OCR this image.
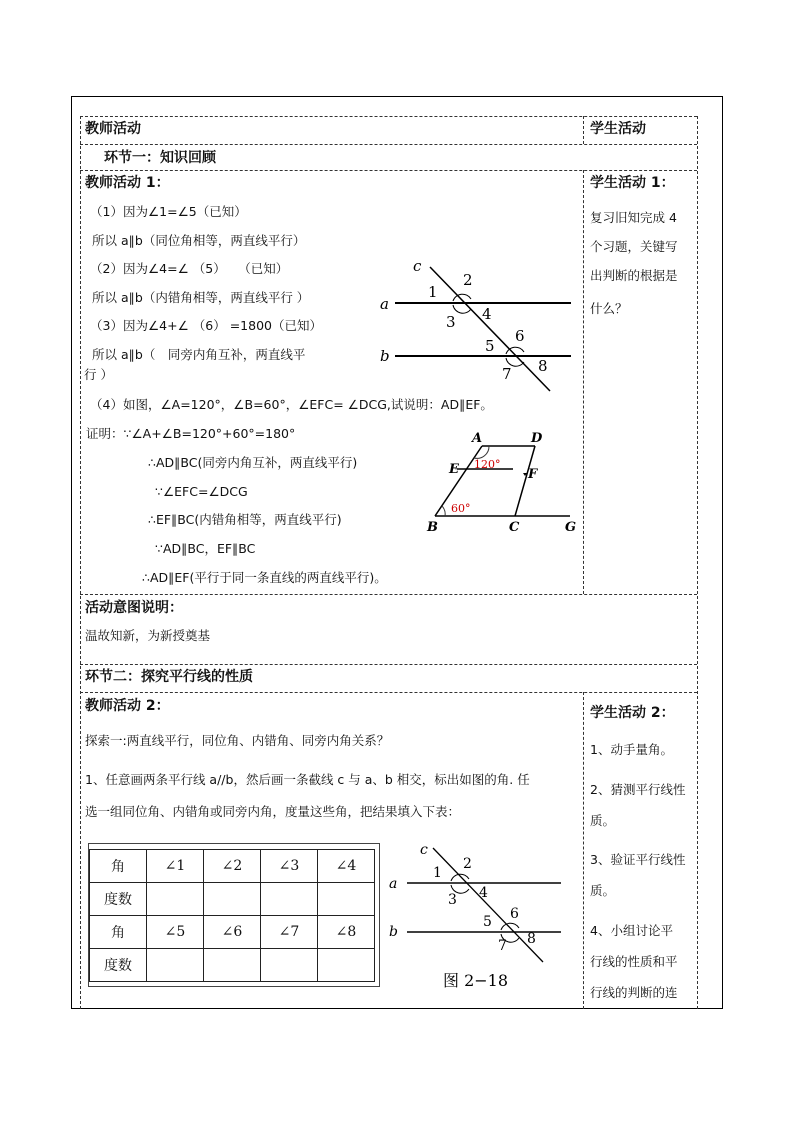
教师活动	学生活动
环节一：知识回顾
教师活动 1：
（1）因为∠1=∠5（已知）
所以 a∥b（同位角相等，两直线平行）
（2）因为∠4=∠ （5）　　（已知）
所以 a∥b（内错角相等，两直线平行 ）
（3）因为∠4+∠ （6） =1800（已知）
所以 a∥b（　同旁内角互补，两直线平
行 ）
（4）如图，∠A=120°，∠B=60°，∠EFC= ∠DCG,试说明：AD∥EF。
证明：∵∠A+∠B=120°+60°=180°
∴AD∥BC(同旁内角互补，两直线平行)
∵∠EFC=∠DCG
∴EF∥BC(内错角相等，两直线平行)
∵AD∥BC，EF∥BC
∴AD∥EF(平行于同一条直线的两直线平行)。
学生活动 1：
复习旧知完成 4
个习题，关键写
出判断的根据是
什么？
活动意图说明：
温故知新，为新授奠基
c
1
2
a
3 4
6
b
5
7 8
A	D
E	F
B	C	G
120°
60°
环节二：探究平行线的性质
教师活动 2：
探索一:两直线平行，同位角、内错角、同旁内角关系？
1、任意画两条平行线 a//b，然后画一条截线 c 与 a、b 相交，标出如图的角. 任
选一组同位角、内错角或同旁内角，度量这些角，把结果填入下表：
角	∠1	∠2	∠3	∠4
度数				
角	∠5	∠6	∠7	∠8
度数				
c
1
2
a
3 4
6
b
5
7 8
图 2−18
学生活动 2：
1、动手量角。
2、猜测平行线性
质。
3、验证平行线性
质。
4、小组讨论平
行线的性质和平
行线的判断的连
